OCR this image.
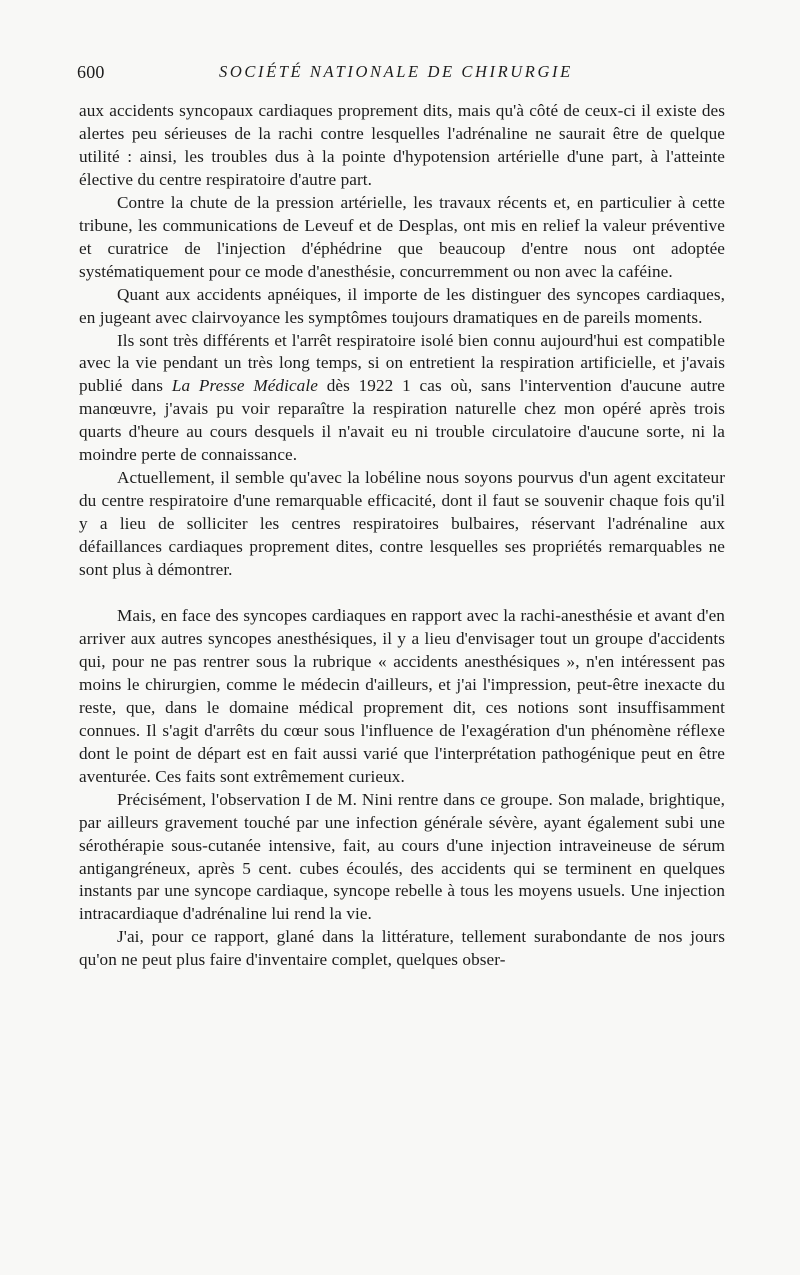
600	SOCIÉTÉ NATIONALE DE CHIRURGIE

aux accidents syncopaux cardiaques proprement dits, mais qu'à côté de ceux-ci il existe des alertes peu sérieuses de la rachi contre lesquelles l'adrénaline ne saurait être de quelque utilité : ainsi, les troubles dus à la pointe d'hypotension artérielle d'une part, à l'atteinte élective du centre respiratoire d'autre part.

Contre la chute de la pression artérielle, les travaux récents et, en particulier à cette tribune, les communications de Leveuf et de Desplas, ont mis en relief la valeur préventive et curatrice de l'injection d'éphédrine que beaucoup d'entre nous ont adoptée systématiquement pour ce mode d'anesthésie, concurremment ou non avec la caféine.

Quant aux accidents apnéiques, il importe de les distinguer des syncopes cardiaques, en jugeant avec clairvoyance les symptômes toujours dramatiques en de pareils moments.

Ils sont très différents et l'arrêt respiratoire isolé bien connu aujourd'hui est compatible avec la vie pendant un très long temps, si on entretient la respiration artificielle, et j'avais publié dans La Presse Médicale dès 1922 1 cas où, sans l'intervention d'aucune autre manœuvre, j'avais pu voir reparaître la respiration naturelle chez mon opéré après trois quarts d'heure au cours desquels il n'avait eu ni trouble circulatoire d'aucune sorte, ni la moindre perte de connaissance.

Actuellement, il semble qu'avec la lobéline nous soyons pourvus d'un agent excitateur du centre respiratoire d'une remarquable efficacité, dont il faut se souvenir chaque fois qu'il y a lieu de solliciter les centres respiratoires bulbaires, réservant l'adrénaline aux défaillances cardiaques proprement dites, contre lesquelles ses propriétés remarquables ne sont plus à démontrer.

Mais, en face des syncopes cardiaques en rapport avec la rachi-anesthésie et avant d'en arriver aux autres syncopes anesthésiques, il y a lieu d'envisager tout un groupe d'accidents qui, pour ne pas rentrer sous la rubrique « accidents anesthésiques », n'en intéressent pas moins le chirurgien, comme le médecin d'ailleurs, et j'ai l'impression, peut-être inexacte du reste, que, dans le domaine médical proprement dit, ces notions sont insuffisamment connues. Il s'agit d'arrêts du cœur sous l'influence de l'exagération d'un phénomène réflexe dont le point de départ est en fait aussi varié que l'interprétation pathogénique peut en être aventurée. Ces faits sont extrêmement curieux.

Précisément, l'observation I de M. Nini rentre dans ce groupe. Son malade, brightique, par ailleurs gravement touché par une infection générale sévère, ayant également subi une sérothérapie sous-cutanée intensive, fait, au cours d'une injection intraveineuse de sérum antigangréneux, après 5 cent. cubes écoulés, des accidents qui se terminent en quelques instants par une syncope cardiaque, syncope rebelle à tous les moyens usuels. Une injection intracardiaque d'adrénaline lui rend la vie.

J'ai, pour ce rapport, glané dans la littérature, tellement surabondante de nos jours qu'on ne peut plus faire d'inventaire complet, quelques obser-
